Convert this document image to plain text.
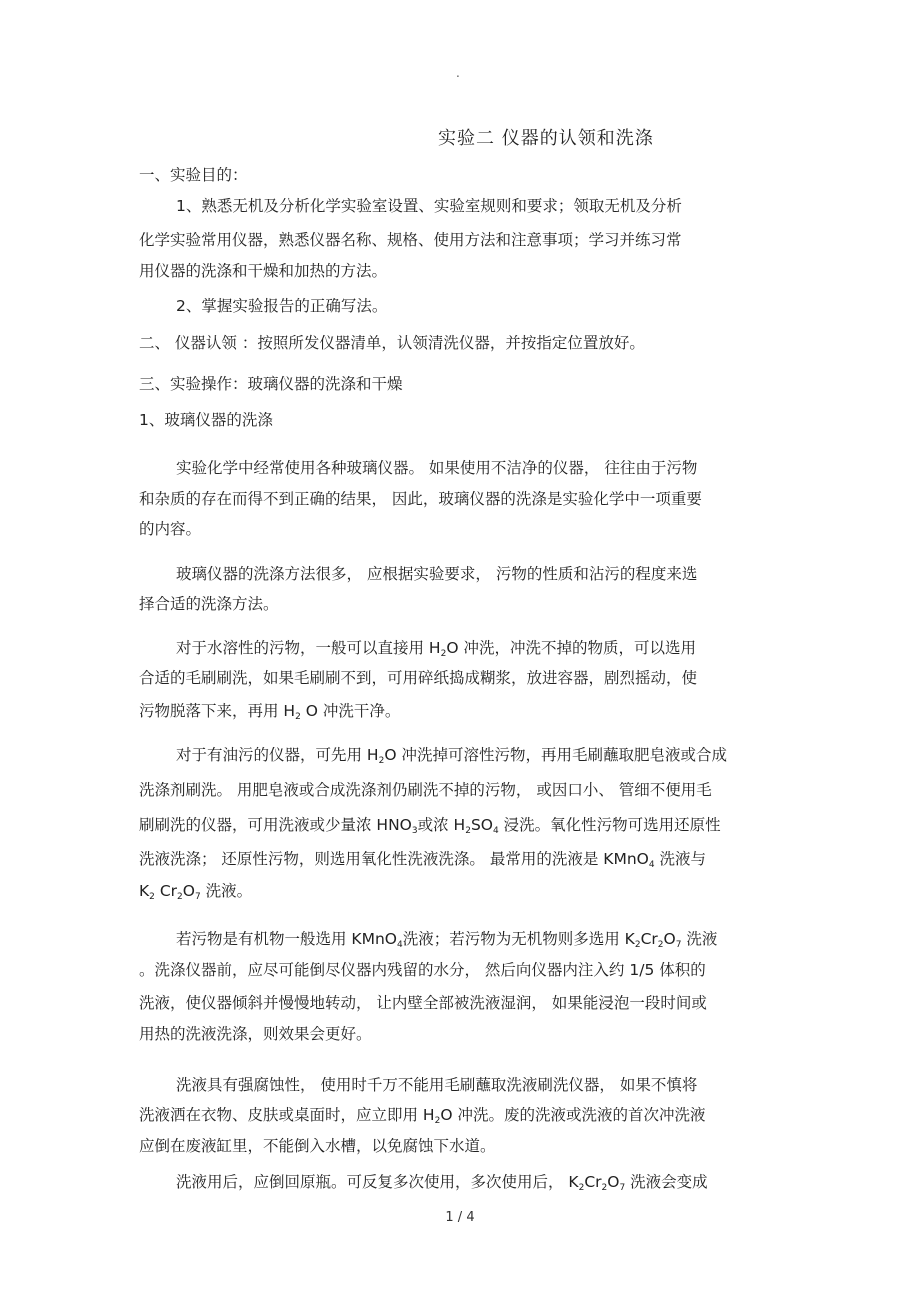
.
实验二 仪器的认领和洗涤
一、实验目的：
1、熟悉无机及分析化学实验室设置、实验室规则和要求；领取无机及分析
化学实验常用仪器，熟悉仪器名称、规格、使用方法和注意事项；学习并练习常
用仪器的洗涤和干燥和加热的方法。
2、掌握实验报告的正确写法。
二、 仪器认领 ：按照所发仪器清单，认领清洗仪器，并按指定位置放好。
三、实验操作：玻璃仪器的洗涤和干燥
1、玻璃仪器的洗涤
实验化学中经常使用各种玻璃仪器。 如果使用不洁净的仪器， 往往由于污物
和杂质的存在而得不到正确的结果， 因此，玻璃仪器的洗涤是实验化学中一项重要
的内容。
玻璃仪器的洗涤方法很多， 应根据实验要求， 污物的性质和沾污的程度来选
择合适的洗涤方法。
对于水溶性的污物，一般可以直接用 $H_2O$ 冲洗，冲洗不掉的物质，可以选用
合适的毛刷刷洗，如果毛刷刷不到，可用碎纸捣成糊浆，放进容器，剧烈摇动，使
污物脱落下来，再用 $H_2$ O 冲洗干净。
对于有油污的仪器，可先用 $H_2O$ 冲洗掉可溶性污物，再用毛刷蘸取肥皂液或合成
洗涤剂刷洗。 用肥皂液或合成洗涤剂仍刷洗不掉的污物， 或因口小、 管细不便用毛
刷刷洗的仪器，可用洗液或少量浓 $HNO_3$或浓 $H_2SO_4$ 浸洗。氧化性污物可选用还原性
洗液洗涤； 还原性污物，则选用氧化性洗液洗涤。 最常用的洗液是 KMnO$_4$ 洗液与
$K_2$ $Cr_2O_7$ 洗液。
若污物是有机物一般选用 KMnO$_4$洗液；若污物为无机物则多选用 $K_2Cr_2O_7$ 洗液
。洗涤仪器前，应尽可能倒尽仪器内残留的水分， 然后向仪器内注入约 1/5 体积的
洗液，使仪器倾斜并慢慢地转动， 让内壁全部被洗液湿润， 如果能浸泡一段时间或
用热的洗液洗涤，则效果会更好。
洗液具有强腐蚀性， 使用时千万不能用毛刷蘸取洗液刷洗仪器， 如果不慎将
洗液洒在衣物、皮肤或桌面时，应立即用 $H_2O$ 冲洗。废的洗液或洗液的首次冲洗液
应倒在废液缸里，不能倒入水槽，以免腐蚀下水道。
洗液用后，应倒回原瓶。可反复多次使用，多次使用后， $K_2Cr_2O_7$ 洗液会变成
1 / 4
